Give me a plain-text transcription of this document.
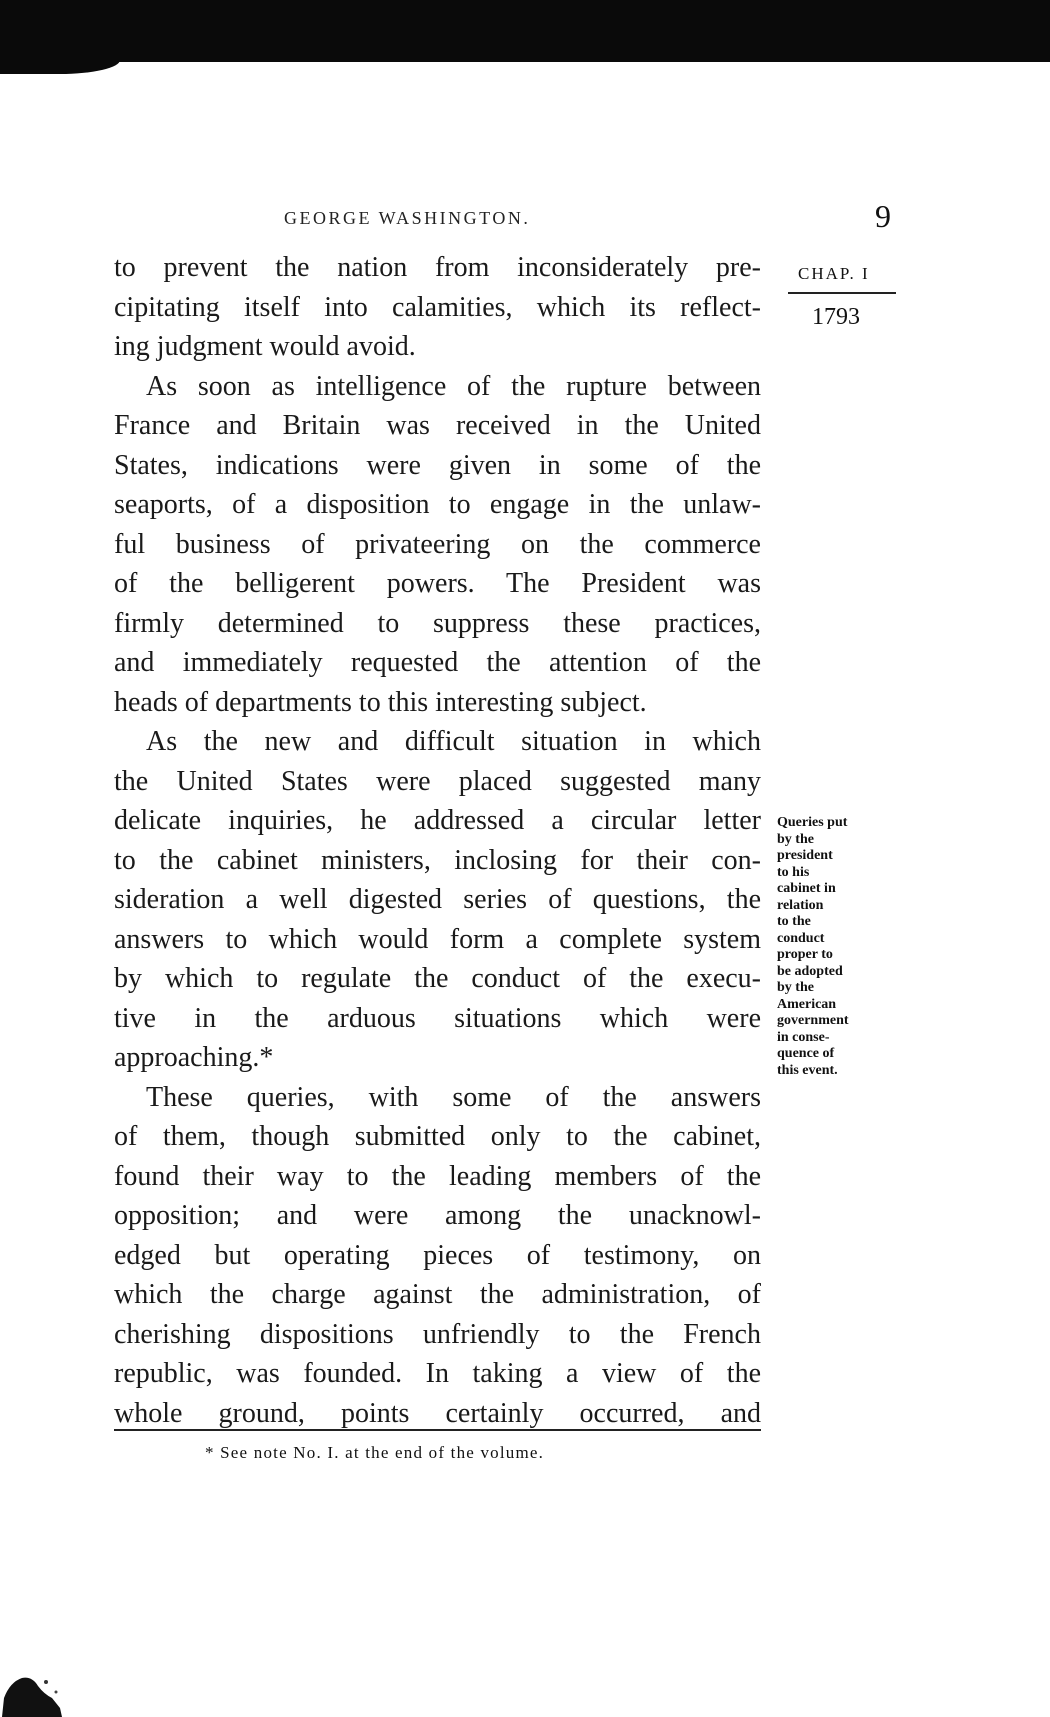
GEORGE WASHINGTON.	9
CHAP. I
1793
to prevent the nation from inconsiderately pre-
cipitating itself into calamities, which its reflect-
ing judgment would avoid.
As soon as intelligence of the rupture between
France and Britain was received in the United
States, indications were given in some of the
seaports, of a disposition to engage in the unlaw-
ful business of privateering on the commerce
of the belligerent powers. The President was
firmly determined to suppress these practices,
and immediately requested the attention of the
heads of departments to this interesting subject.
As the new and difficult situation in which
the United States were placed suggested many
delicate inquiries, he addressed a circular letter
to the cabinet ministers, inclosing for their con-
sideration a well digested series of questions, the
answers to which would form a complete system
by which to regulate the conduct of the execu-
tive in the arduous situations which were
approaching.*
These queries, with some of the answers
of them, though submitted only to the cabinet,
found their way to the leading members of the
opposition; and were among the unacknowl-
edged but operating pieces of testimony, on
which the charge against the administration, of
cherishing dispositions unfriendly to the French
republic, was founded. In taking a view of the
whole ground, points certainly occurred, and
Queries put
by the
president
to his
cabinet in
relation
to the
conduct
proper to
be adopted
by the
American
government
in conse-
quence of
this event.
* See note No. I. at the end of the volume.
